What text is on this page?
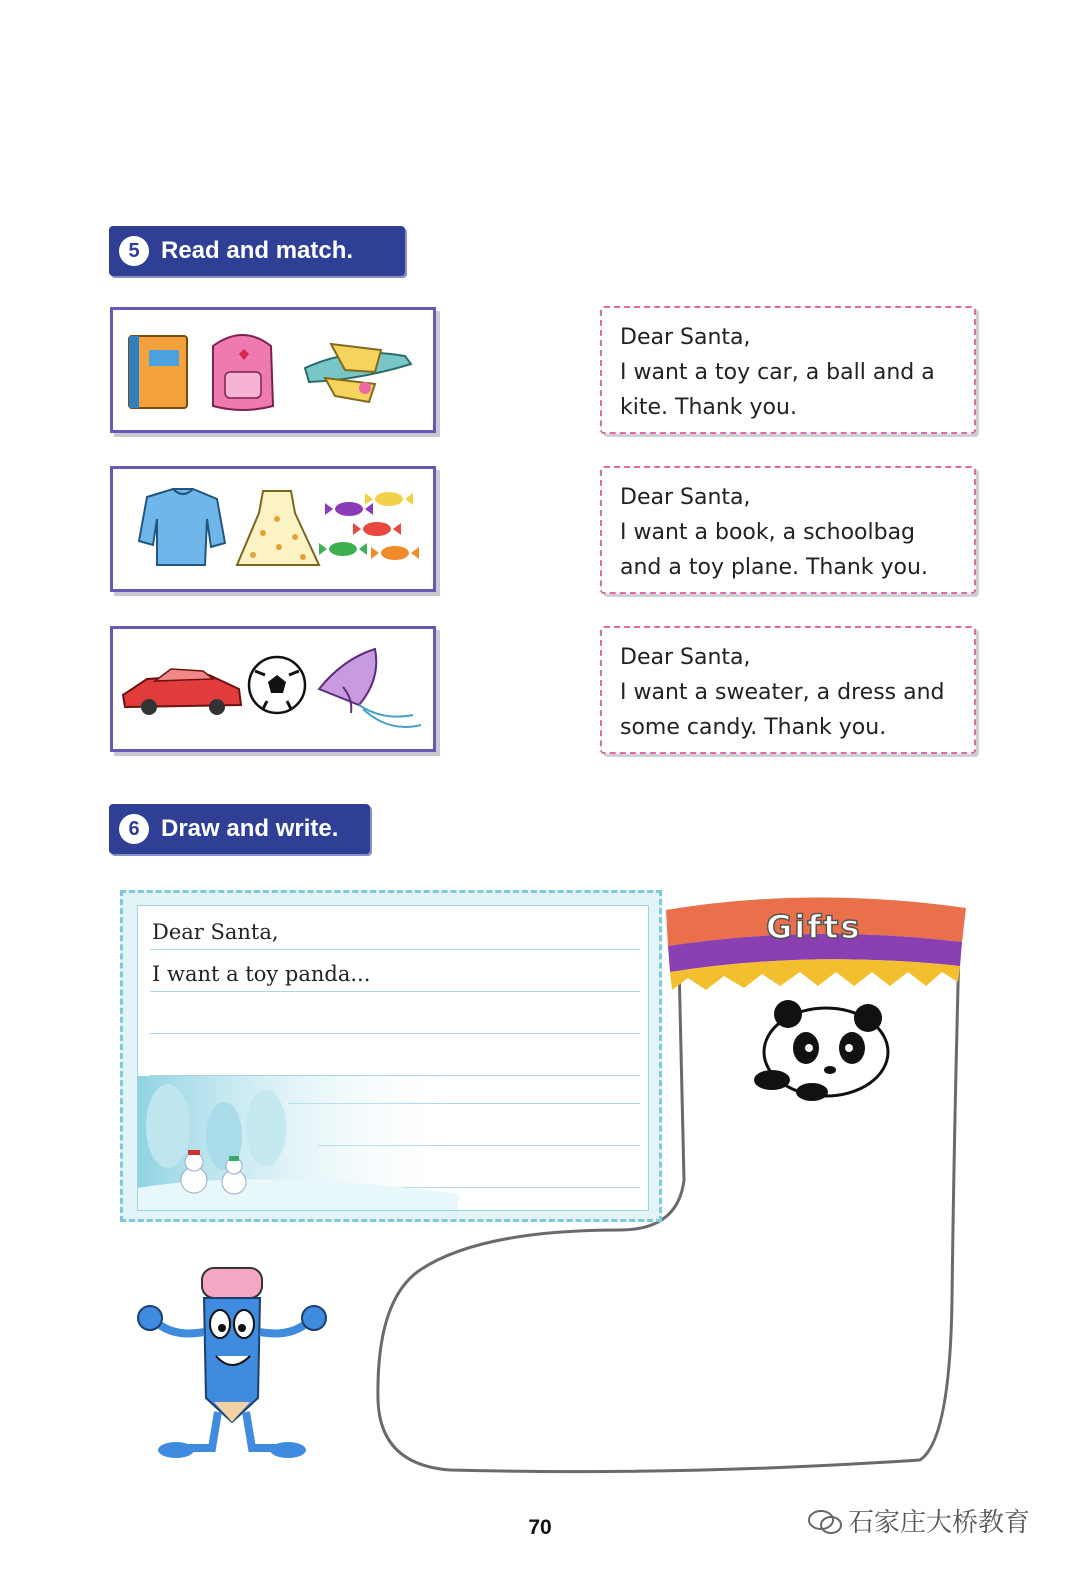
5 Read and match.
Dear Santa,
I want a toy car, a ball and a
kite. Thank you.
Dear Santa,
I want a book, a schoolbag
and a toy plane. Thank you.
Dear Santa,
I want a sweater, a dress and
some candy. Thank you.
6 Draw and write.
Gifts
Dear Santa,
I want a toy panda...
70	石家庄大桥教育
